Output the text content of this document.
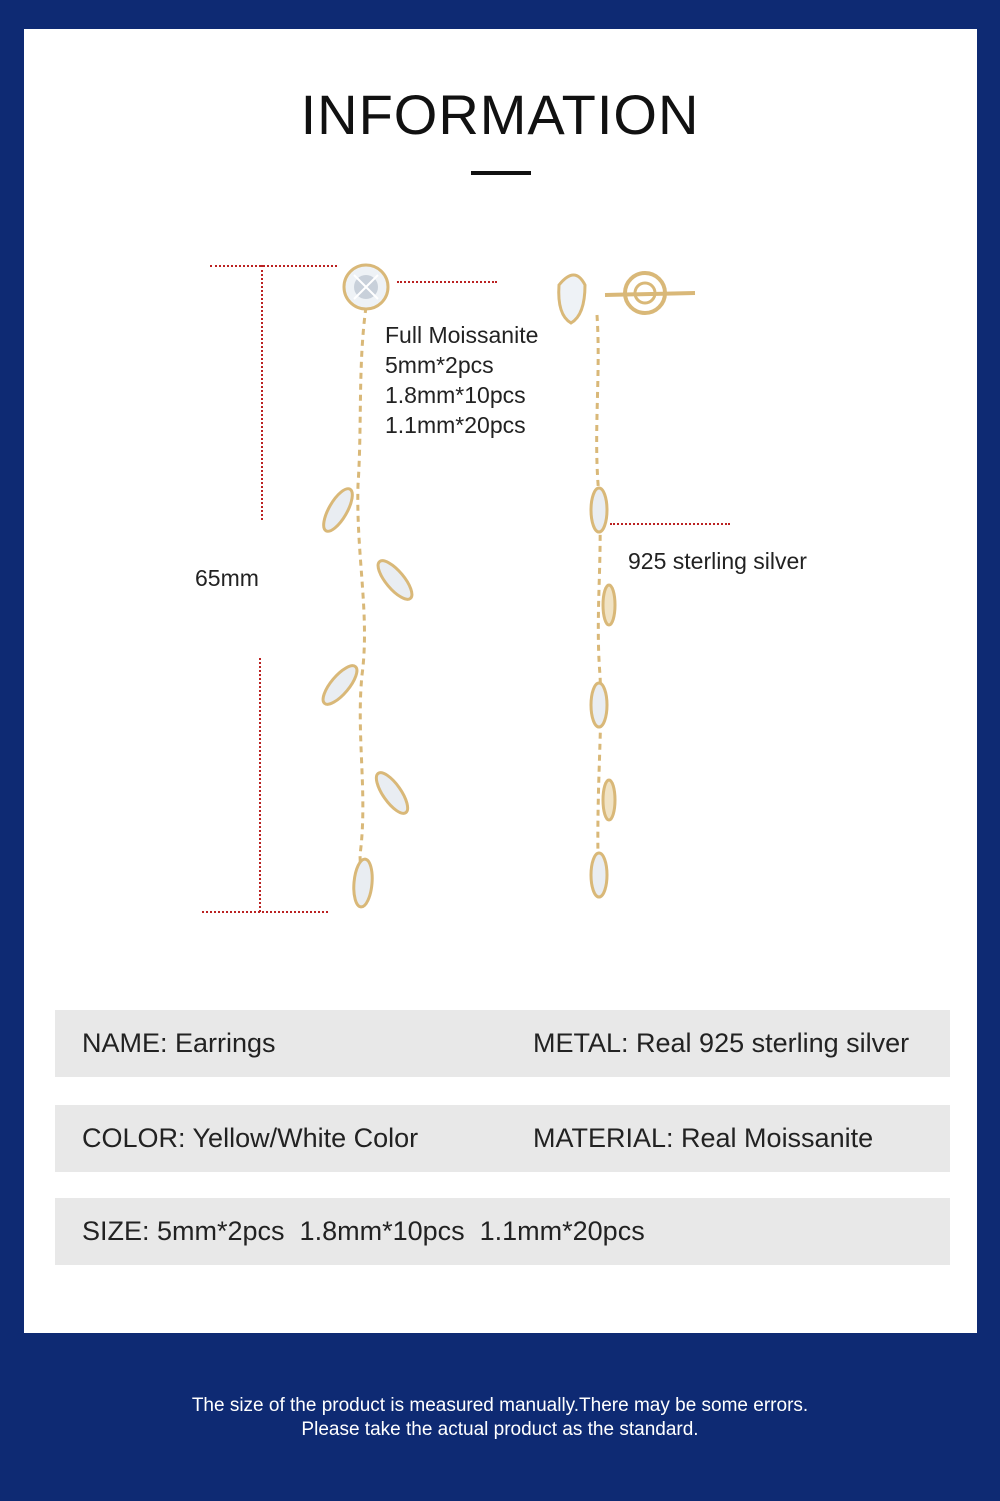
INFORMATION
65mm
Full Moissanite
5mm*2pcs
1.8mm*10pcs
1.1mm*20pcs
925 sterling silver
NAME: Earrings	METAL: Real 925 sterling silver
COLOR: Yellow/White Color	MATERIAL: Real Moissanite
SIZE: 5mm*2pcs  1.8mm*10pcs  1.1mm*20pcs
The size of the product is measured manually.There may be some errors.
Please take the actual product as the standard.
